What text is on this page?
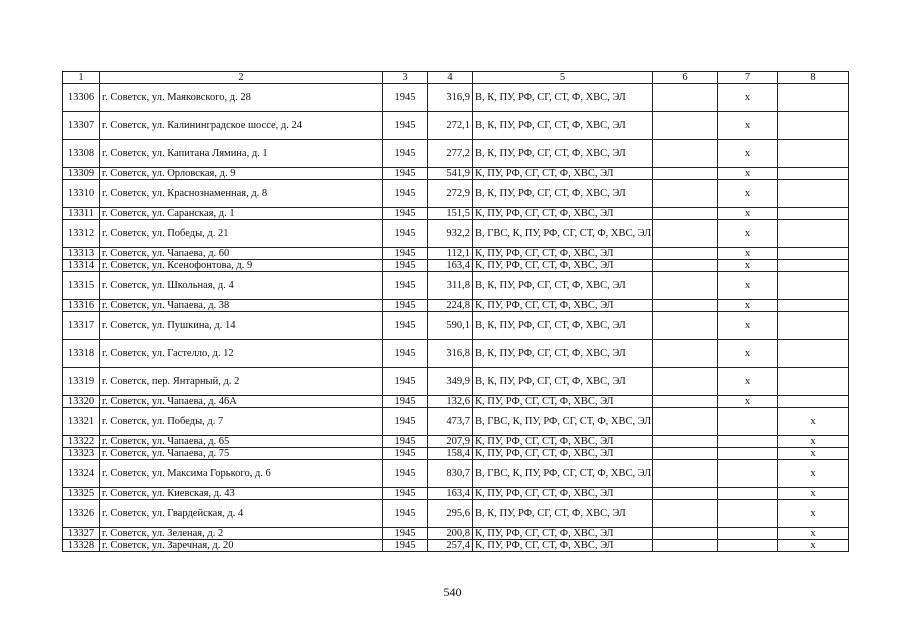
1	2	3	4	5	6	7	8
13306	г. Советск, ул. Маяковского, д. 28	1945	316,9	В, К, ПУ, РФ, СГ, СТ, Ф, ХВС, ЭЛ		х	
13307	г. Советск, ул. Калининградское шоссе, д. 24	1945	272,1	В, К, ПУ, РФ, СГ, СТ, Ф, ХВС, ЭЛ		х	
13308	г. Советск, ул. Капитана Лямина, д. 1	1945	277,2	В, К, ПУ, РФ, СГ, СТ, Ф, ХВС, ЭЛ		х	
13309	г. Советск, ул. Орловская, д. 9	1945	541,9	К, ПУ, РФ, СГ, СТ, Ф, ХВС, ЭЛ		х	
13310	г. Советск, ул. Краснознаменная, д. 8	1945	272,9	В, К, ПУ, РФ, СГ, СТ, Ф, ХВС, ЭЛ		х	
13311	г. Советск, ул. Саранская, д. 1	1945	151,5	К, ПУ, РФ, СГ, СТ, Ф, ХВС, ЭЛ		х	
13312	г. Советск, ул. Победы, д. 21	1945	932,2	В, ГВС, К, ПУ, РФ, СГ, СТ, Ф, ХВС, ЭЛ		х	
13313	г. Советск, ул. Чапаева, д. 60	1945	112,1	К, ПУ, РФ, СГ, СТ, Ф, ХВС, ЭЛ		х	
13314	г. Советск, ул. Ксенофонтова, д. 9	1945	163,4	К, ПУ, РФ, СГ, СТ, Ф, ХВС, ЭЛ		х	
13315	г. Советск, ул. Школьная, д. 4	1945	311,8	В, К, ПУ, РФ, СГ, СТ, Ф, ХВС, ЭЛ		х	
13316	г. Советск, ул. Чапаева, д. 38	1945	224,8	К, ПУ, РФ, СГ, СТ, Ф, ХВС, ЭЛ		х	
13317	г. Советск, ул. Пушкина, д. 14	1945	590,1	В, К, ПУ, РФ, СГ, СТ, Ф, ХВС, ЭЛ		х	
13318	г. Советск, ул. Гастелло, д. 12	1945	316,8	В, К, ПУ, РФ, СГ, СТ, Ф, ХВС, ЭЛ		х	
13319	г. Советск, пер. Янтарный, д. 2	1945	349,9	В, К, ПУ, РФ, СГ, СТ, Ф, ХВС, ЭЛ		х	
13320	г. Советск, ул. Чапаева, д. 46А	1945	132,6	К, ПУ, РФ, СГ, СТ, Ф, ХВС, ЭЛ		х	
13321	г. Советск, ул. Победы, д. 7	1945	473,7	В, ГВС, К, ПУ, РФ, СГ, СТ, Ф, ХВС, ЭЛ			х
13322	г. Советск, ул. Чапаева, д. 65	1945	207,9	К, ПУ, РФ, СГ, СТ, Ф, ХВС, ЭЛ			х
13323	г. Советск, ул. Чапаева, д. 75	1945	158,4	К, ПУ, РФ, СГ, СТ, Ф, ХВС, ЭЛ			х
13324	г. Советск, ул. Максима Горького, д. 6	1945	830,7	В, ГВС, К, ПУ, РФ, СГ, СТ, Ф, ХВС, ЭЛ			х
13325	г. Советск, ул. Киевская, д. 43	1945	163,4	К, ПУ, РФ, СГ, СТ, Ф, ХВС, ЭЛ			х
13326	г. Советск, ул. Гвардейская, д. 4	1945	295,6	В, К, ПУ, РФ, СГ, СТ, Ф, ХВС, ЭЛ			х
13327	г. Советск, ул. Зеленая, д. 2	1945	200,8	К, ПУ, РФ, СГ, СТ, Ф, ХВС, ЭЛ			х
13328	г. Советск, ул. Заречная, д. 20	1945	257,4	К, ПУ, РФ, СГ, СТ, Ф, ХВС, ЭЛ			х
540
